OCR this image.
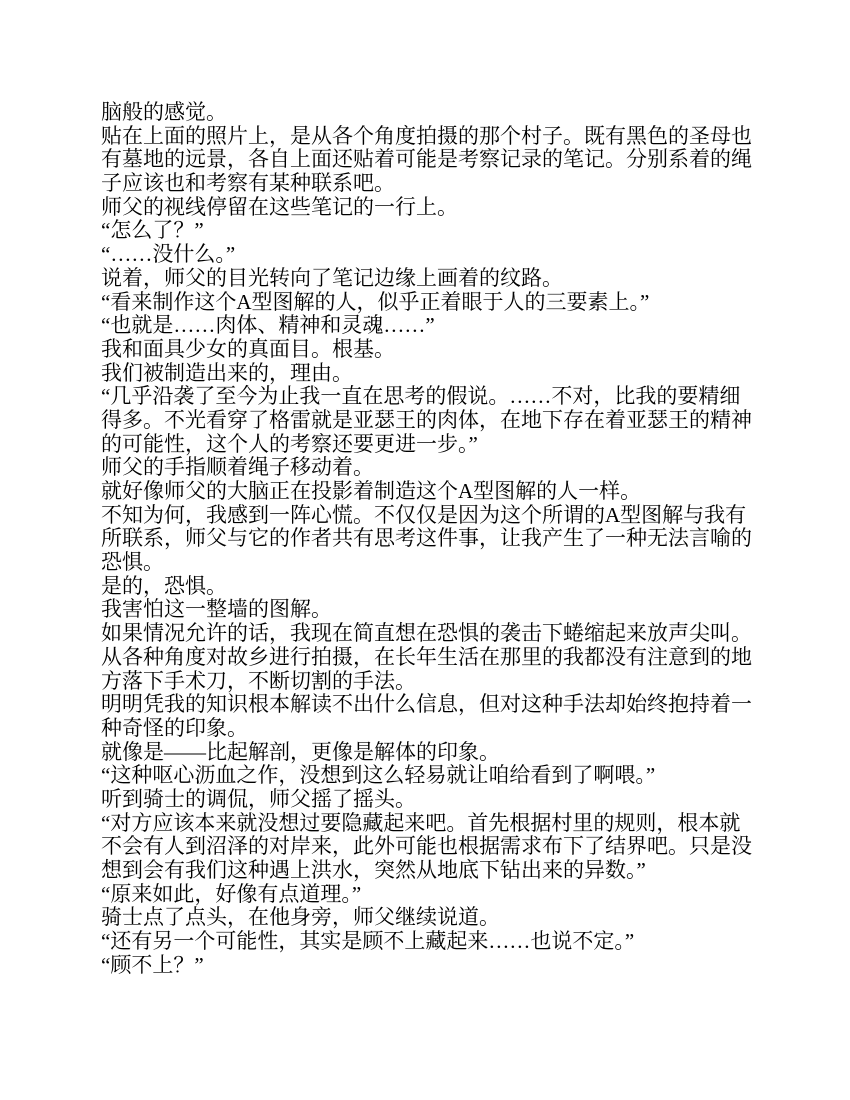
脑般的感觉。
贴在上面的照片上，是从各个角度拍摄的那个村子。既有黑色的圣母也
有墓地的远景，各自上面还贴着可能是考察记录的笔记。分别系着的绳
子应该也和考察有某种联系吧。
师父的视线停留在这些笔记的一行上。
“怎么了？”
“……没什么。”
说着，师父的目光转向了笔记边缘上画着的纹路。
“看来制作这个A型图解的人，似乎正着眼于人的三要素上。”
“也就是……肉体、精神和灵魂……”
我和面具少女的真面目。根基。
我们被制造出来的，理由。
“几乎沿袭了至今为止我一直在思考的假说。……不对，比我的要精细
得多。不光看穿了格雷就是亚瑟王的肉体，在地下存在着亚瑟王的精神
的可能性，这个人的考察还要更进一步。”
师父的手指顺着绳子移动着。
就好像师父的大脑正在投影着制造这个A型图解的人一样。
不知为何，我感到一阵心慌。不仅仅是因为这个所谓的A型图解与我有
所联系，师父与它的作者共有思考这件事，让我产生了一种无法言喻的
恐惧。
是的，恐惧。
我害怕这一整墙的图解。
如果情况允许的话，我现在简直想在恐惧的袭击下蜷缩起来放声尖叫。
从各种角度对故乡进行拍摄，在长年生活在那里的我都没有注意到的地
方落下手术刀，不断切割的手法。
明明凭我的知识根本解读不出什么信息，但对这种手法却始终抱持着一
种奇怪的印象。
就像是——比起解剖，更像是解体的印象。
“这种呕心沥血之作，没想到这么轻易就让咱给看到了啊喂。”
听到骑士的调侃，师父摇了摇头。
“对方应该本来就没想过要隐藏起来吧。首先根据村里的规则，根本就
不会有人到沼泽的对岸来，此外可能也根据需求布下了结界吧。只是没
想到会有我们这种遇上洪水，突然从地底下钻出来的异数。”
“原来如此，好像有点道理。”
骑士点了点头，在他身旁，师父继续说道。
“还有另一个可能性，其实是顾不上藏起来……也说不定。”
“顾不上？”
